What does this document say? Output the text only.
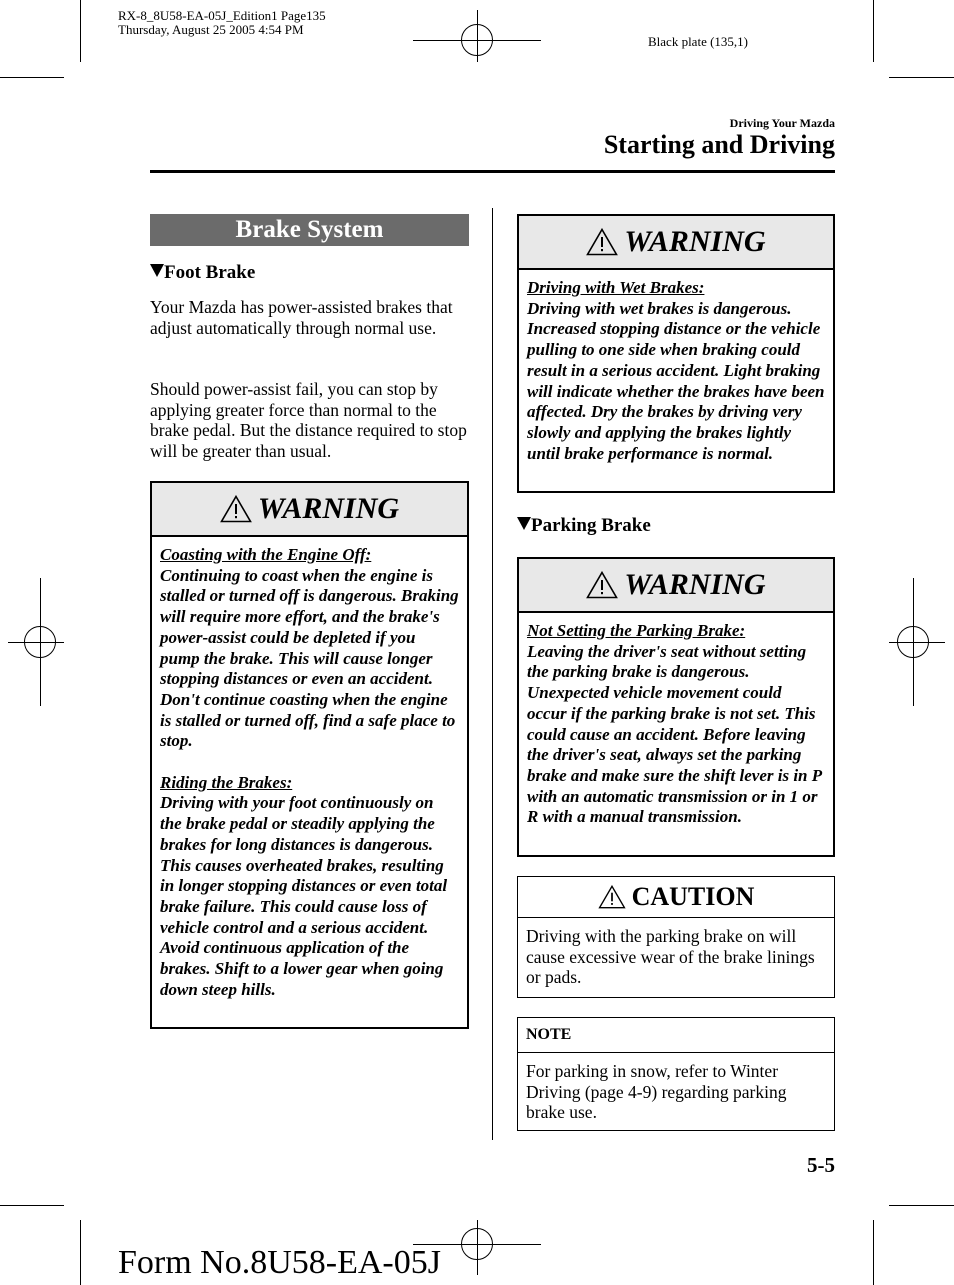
RX-8_8U58-EA-05J_Edition1 Page135
Thursday, August 25 2005 4:54 PM
Black plate (135,1)
Driving Your Mazda
Starting and Driving
Brake System
Foot Brake
Your Mazda has power-assisted brakes that adjust automatically through normal use.
Should power-assist fail, you can stop by applying greater force than normal to the brake pedal. But the distance required to stop will be greater than usual.
WARNING
Coasting with the Engine Off:

Continuing to coast when the engine is stalled or turned off is dangerous. Braking will require more effort, and the brake's power-assist could be depleted if you pump the brake. This will cause longer stopping distances or even an accident. Don't continue coasting when the engine is stalled or turned off, find a safe place to stop.

Riding the Brakes:

Driving with your foot continuously on the brake pedal or steadily applying the brakes for long distances is dangerous. This causes overheated brakes, resulting in longer stopping distances or even total brake failure. This could cause loss of vehicle control and a serious accident. Avoid continuous application of the brakes. Shift to a lower gear when going down steep hills.

WARNING
Driving with Wet Brakes:

Driving with wet brakes is dangerous. Increased stopping distance or the vehicle pulling to one side when braking could result in a serious accident. Light braking will indicate whether the brakes have been affected. Dry the brakes by driving very slowly and applying the brakes lightly until brake performance is normal.

Parking Brake
WARNING
Not Setting the Parking Brake:

Leaving the driver's seat without setting the parking brake is dangerous. Unexpected vehicle movement could occur if the parking brake is not set. This could cause an accident. Before leaving the driver's seat, always set the parking brake and make sure the shift lever is in P with an automatic transmission or in 1 or R with a manual transmission.

CAUTION
Driving with the parking brake on will cause excessive wear of the brake linings or pads.
NOTE
For parking in snow, refer to Winter Driving (page 4-9) regarding parking brake use.
5-5
Form No.8U58-EA-05J
